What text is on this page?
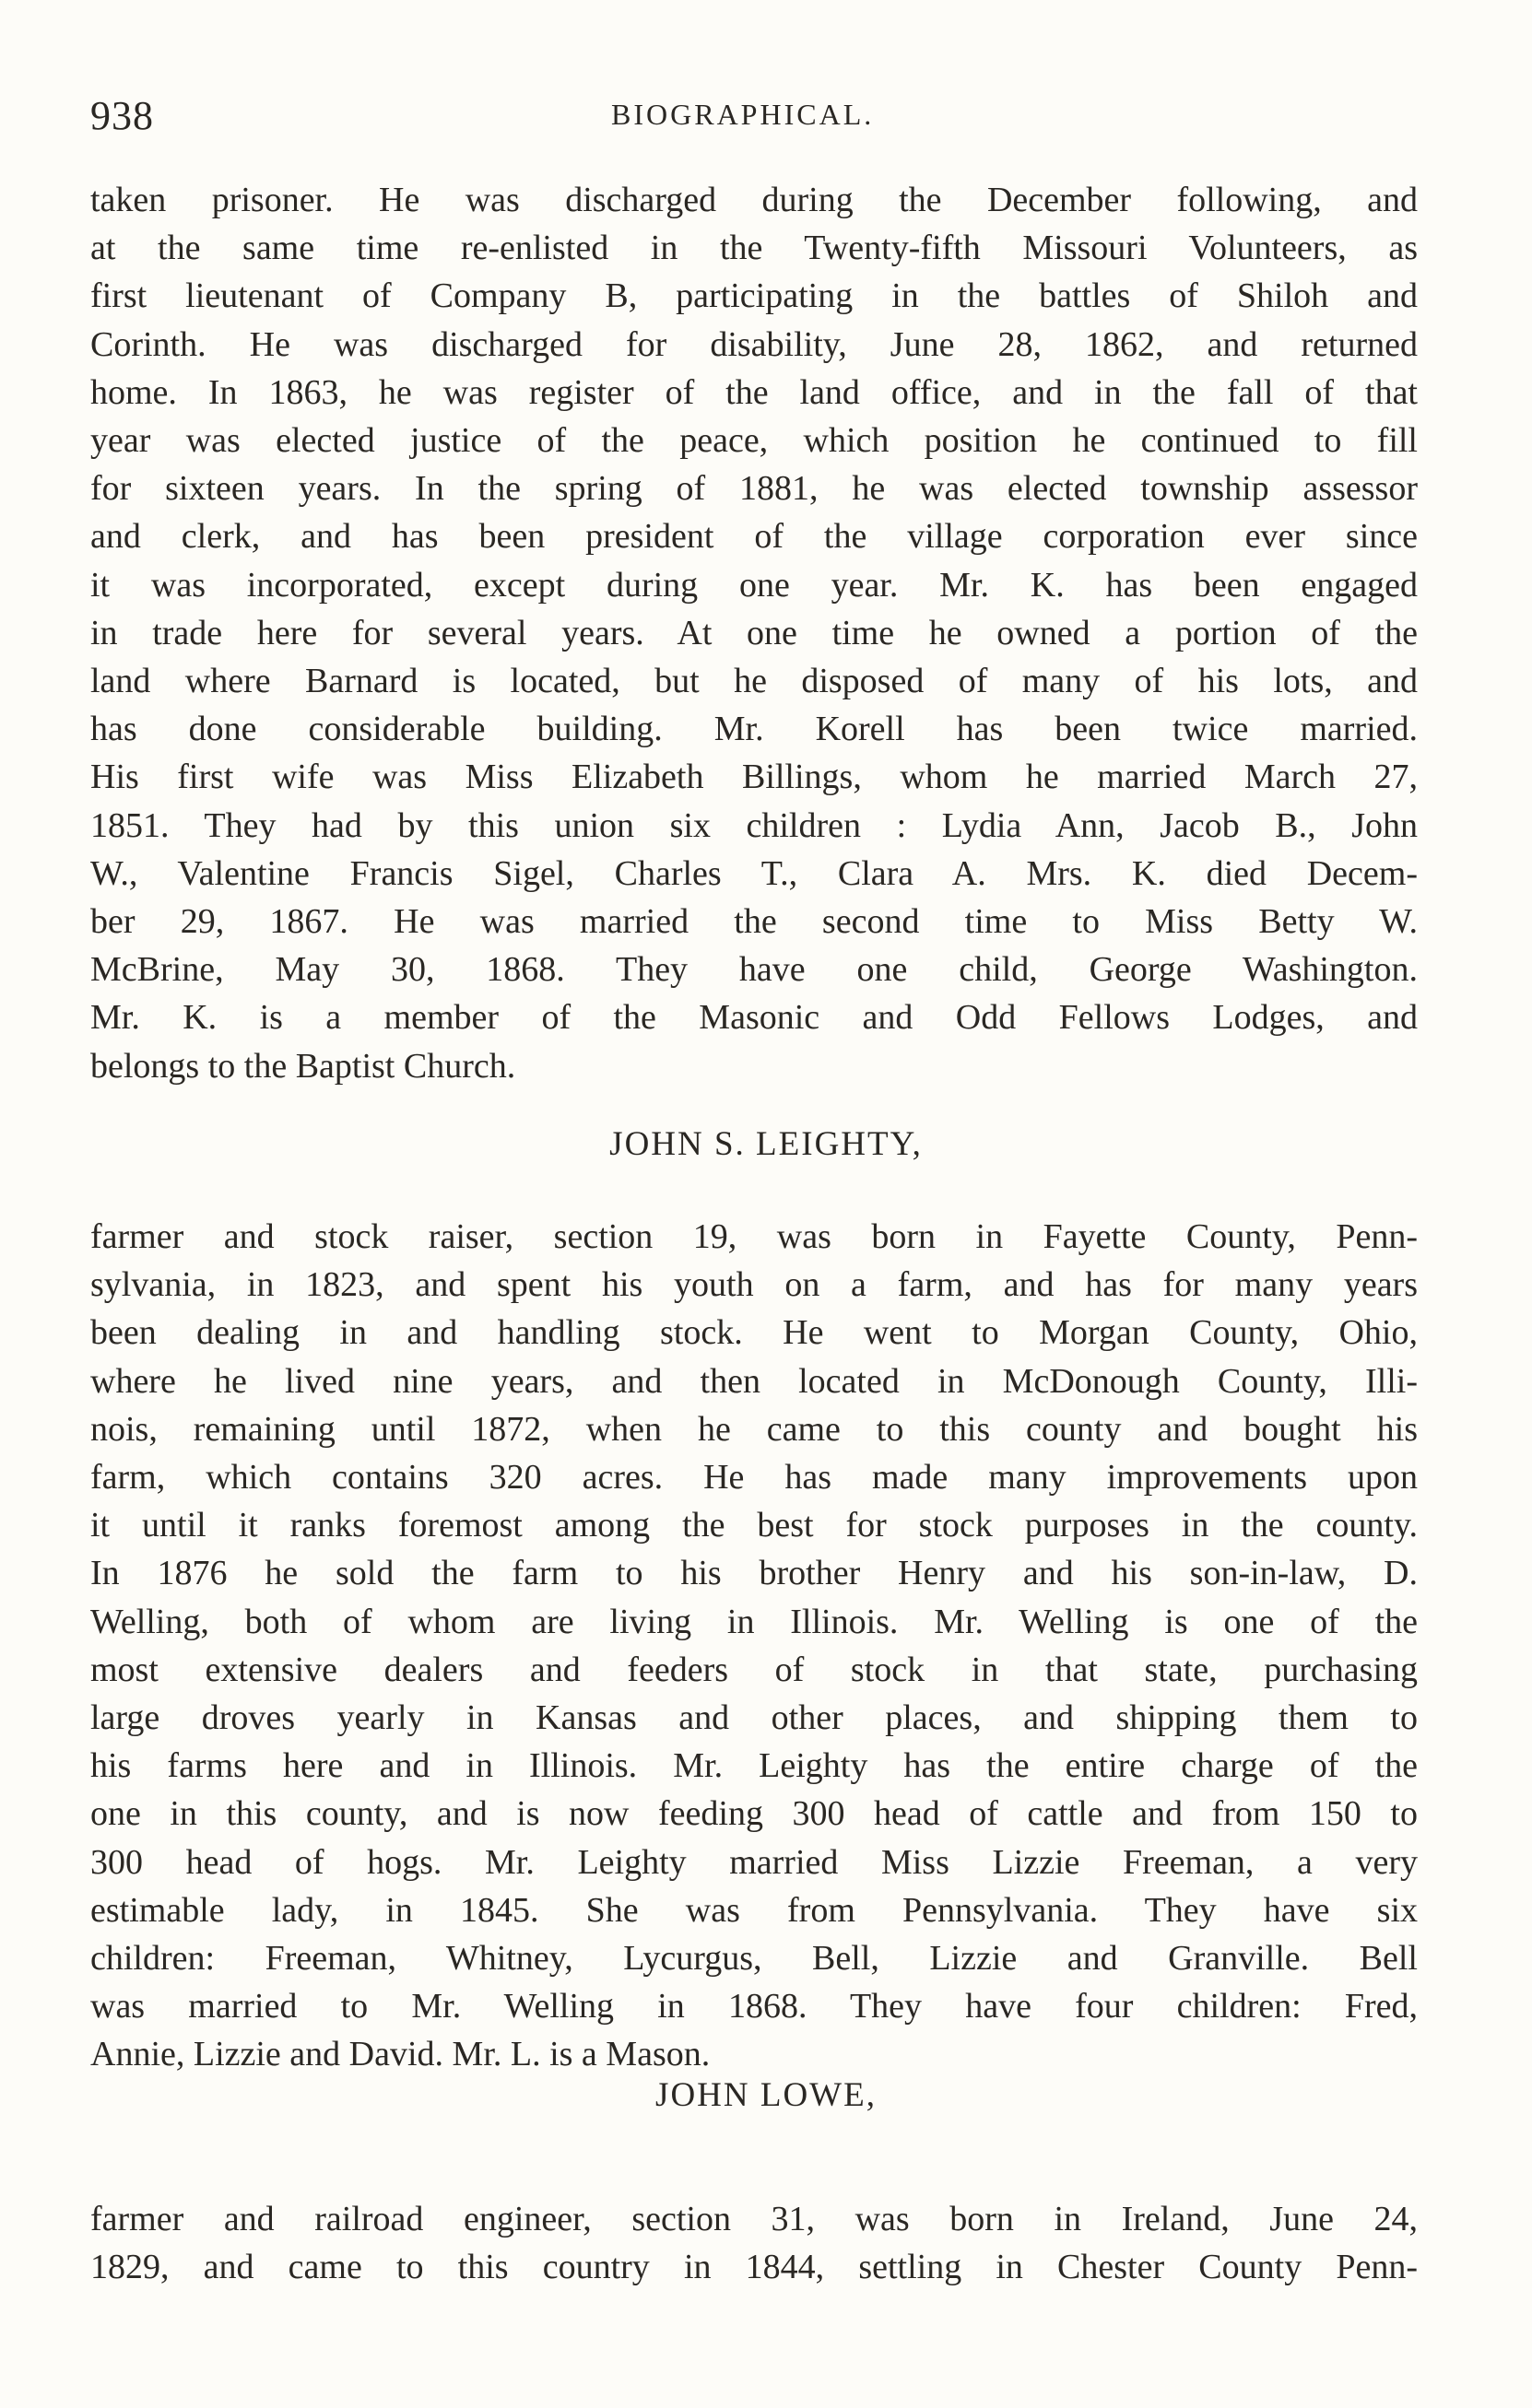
938	BIOGRAPHICAL.
taken prisoner. He was discharged during the December following, and
at the same time re-enlisted in the Twenty-fifth Missouri Volunteers, as
first lieutenant of Company B, participating in the battles of Shiloh and
Corinth. He was discharged for disability, June 28, 1862, and returned
home. In 1863, he was register of the land office, and in the fall of that
year was elected justice of the peace, which position he continued to fill
for sixteen years. In the spring of 1881, he was elected township assessor
and clerk, and has been president of the village corporation ever since
it was incorporated, except during one year. Mr. K. has been engaged
in trade here for several years. At one time he owned a portion of the
land where Barnard is located, but he disposed of many of his lots, and
has done considerable building. Mr. Korell has been twice married.
His first wife was Miss Elizabeth Billings, whom he married March 27,
1851. They had by this union six children : Lydia Ann, Jacob B., John
W., Valentine Francis Sigel, Charles T., Clara A. Mrs. K. died Decem-
ber 29, 1867. He was married the second time to Miss Betty W.
McBrine, May 30, 1868. They have one child, George Washington.
Mr. K. is a member of the Masonic and Odd Fellows Lodges, and
belongs to the Baptist Church.
JOHN S. LEIGHTY,
farmer and stock raiser, section 19, was born in Fayette County, Penn-
sylvania, in 1823, and spent his youth on a farm, and has for many years
been dealing in and handling stock. He went to Morgan County, Ohio,
where he lived nine years, and then located in McDonough County, Illi-
nois, remaining until 1872, when he came to this county and bought his
farm, which contains 320 acres. He has made many improvements upon
it until it ranks foremost among the best for stock purposes in the county.
In 1876 he sold the farm to his brother Henry and his son-in-law, D.
Welling, both of whom are living in Illinois. Mr. Welling is one of the
most extensive dealers and feeders of stock in that state, purchasing
large droves yearly in Kansas and other places, and shipping them to
his farms here and in Illinois. Mr. Leighty has the entire charge of the
one in this county, and is now feeding 300 head of cattle and from 150 to
300 head of hogs. Mr. Leighty married Miss Lizzie Freeman, a very
estimable lady, in 1845. She was from Pennsylvania. They have six
children: Freeman, Whitney, Lycurgus, Bell, Lizzie and Granville. Bell
was married to Mr. Welling in 1868. They have four children: Fred,
Annie, Lizzie and David. Mr. L. is a Mason.
JOHN LOWE,
farmer and railroad engineer, section 31, was born in Ireland, June 24,
1829, and came to this country in 1844, settling in Chester County Penn-
